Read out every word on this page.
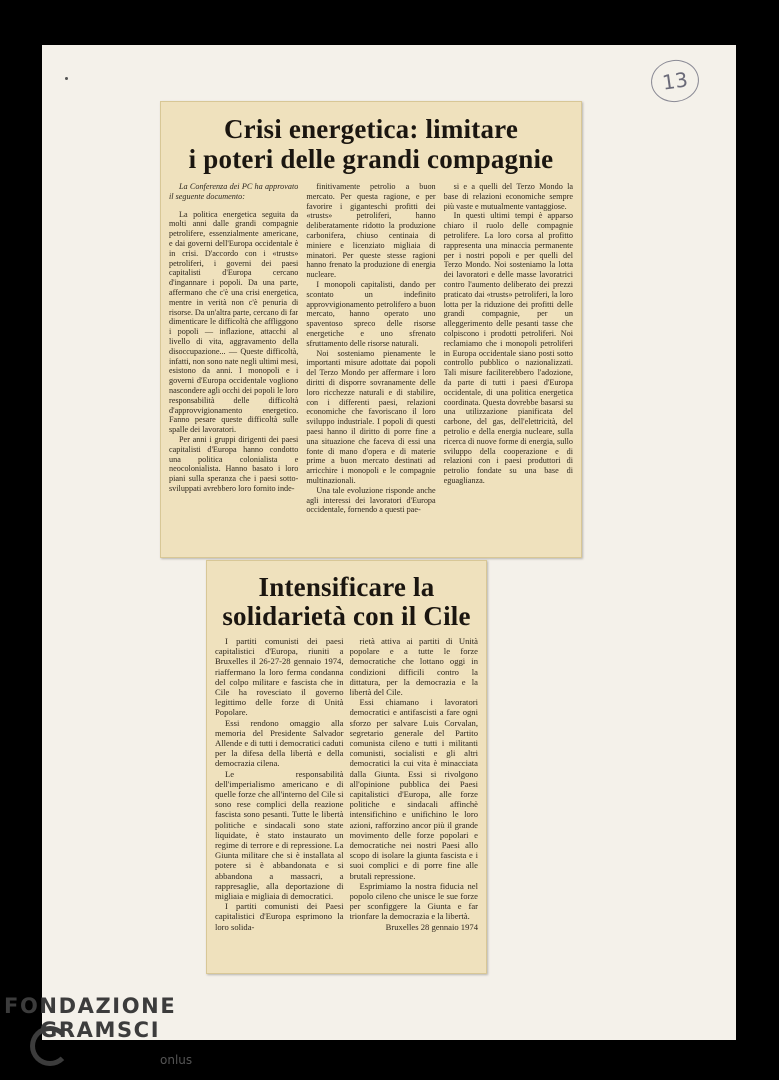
13
Crisi energetica: limitare
i poteri delle grandi compagnie

La Conferenza dei PC ha approvato il seguente documento:

La politica energetica seguita da molti anni dalle grandi compagnie petrolifere, essenzialmente americane, e dai governi dell'Europa occidentale è in crisi. D'accordo con i «trusts» petroliferi, i governi dei paesi capitalisti d'Europa cercano d'ingannare i popoli. Da una parte, affermano che c'è una crisi energetica, mentre in verità non c'è penuria di risorse. Da un'altra parte, cercano di far dimenticare le difficoltà che affliggono i popoli — inflazione, attacchi al livello di vita, aggravamento della disoccupazione... — Queste difficoltà, infatti, non sono nate negli ultimi mesi, esistono da anni. I monopoli e i governi d'Europa occidentale vogliono nascondere agli occhi dei popoli le loro responsabilità delle difficoltà d'approvvigionamento energetico. Fanno pesare queste difficoltà sulle spalle dei lavoratori.

Per anni i gruppi dirigenti dei paesi capitalisti d'Europa hanno condotto una politica colonialista e neocolonialista. Hanno basato i loro piani sulla speranza che i paesi sotto-sviluppati avrebbero loro fornito inde-

finitivamente petrolio a buon mercato. Per questa ragione, e per favorire i giganteschi profitti dei «trusts» petroliferi, hanno deliberatamente ridotto la produzione carbonifera, chiuso centinaia di miniere e licenziato migliaia di minatori. Per queste stesse ragioni hanno frenato la produzione di energia nucleare.

I monopoli capitalisti, dando per scontato un indefinito approvvigionamento petrolifero a buon mercato, hanno operato uno spaventoso spreco delle risorse energetiche e uno sfrenato sfruttamento delle risorse naturali.

Noi sosteniamo pienamente le importanti misure adottate dai popoli del Terzo Mondo per affermare i loro diritti di disporre sovranamente delle loro ricchezze naturali e di stabilire, con i differenti paesi, relazioni economiche che favoriscano il loro sviluppo industriale. I popoli di questi paesi hanno il diritto di porre fine a una situazione che faceva di essi una fonte di mano d'opera e di materie prime a buon mercato destinati ad arricchire i monopoli e le compagnie multinazionali.

Una tale evoluzione risponde anche agli interessi dei lavoratori d'Europa occidentale, fornendo a questi pae-

si e a quelli del Terzo Mondo la base di relazioni economiche sempre più vaste e mutualmente vantaggiose.

In questi ultimi tempi è apparso chiaro il ruolo delle compagnie petrolifere. La loro corsa al profitto rappresenta una minaccia permanente per i nostri popoli e per quelli del Terzo Mondo. Noi sosteniamo la lotta dei lavoratori e delle masse lavoratrici contro l'aumento deliberato dei prezzi praticato dai «trusts» petroliferi, la loro lotta per la riduzione dei profitti delle grandi compagnie, per un alleggerimento delle pesanti tasse che colpiscono i prodotti petroliferi. Noi reclamiamo che i monopoli petroliferi in Europa occidentale siano posti sotto controllo pubblico o nazionalizzati. Tali misure faciliterebbero l'adozione, da parte di tutti i paesi d'Europa occidentale, di una politica energetica coordinata. Questa dovrebbe basarsi su una utilizzazione pianificata del carbone, del gas, dell'elettricità, del petrolio e della energia nucleare, sulla ricerca di nuove forme di energia, sullo sviluppo della cooperazione e di relazioni con i paesi produttori di petrolio fondate su una base di eguaglianza.

Intensificare la
solidarietà con il Cile

I partiti comunisti dei paesi capitalistici d'Europa, riuniti a Bruxelles il 26-27-28 gennaio 1974, riaffermano la loro ferma condanna del colpo militare e fascista che in Cile ha rovesciato il governo legittimo delle forze di Unità Popolare.

Essi rendono omaggio alla memoria del Presidente Salvador Allende e di tutti i democratici caduti per la difesa della libertà e della democrazia cilena.

Le responsabilità dell'imperialismo americano e di quelle forze che all'interno del Cile si sono rese complici della reazione fascista sono pesanti. Tutte le libertà politiche e sindacali sono state liquidate, è stato instaurato un regime di terrore e di repressione. La Giunta militare che si è installata al potere si è abbandonata e si abbandona a massacri, a rappresaglie, alla deportazione di migliaia e migliaia di democratici.

I partiti comunisti dei Paesi capitalistici d'Europa esprimono la loro solida-

rietà attiva ai partiti di Unità popolare e a tutte le forze democratiche che lottano oggi in condizioni difficili contro la dittatura, per la democrazia e la libertà del Cile.

Essi chiamano i lavoratori democratici e antifascisti a fare ogni sforzo per salvare Luis Corvalan, segretario generale del Partito comunista cileno e tutti i militanti comunisti, socialisti e gli altri democratici la cui vita è minacciata dalla Giunta. Essi si rivolgono all'opinione pubblica dei Paesi capitalistici d'Europa, alle forze politiche e sindacali affinchè intensifichino e unifichino le loro azioni, rafforzino ancor più il grande movimento delle forze popolari e democratiche nei nostri Paesi allo scopo di isolare la giunta fascista e i suoi complici e di porre fine alle brutali repressione.

Esprimiamo la nostra fiducia nel popolo cileno che unisce le sue forze per sconfiggere la Giunta e far trionfare la democrazia e la libertà.

Bruxelles 28 gennaio 1974

FONDAZIONE
GRAMSCI
onlus
